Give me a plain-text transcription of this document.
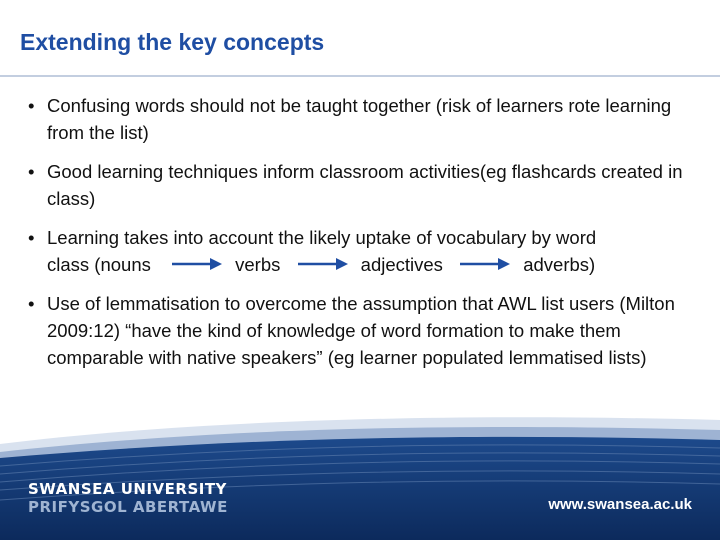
Extending the key concepts
• Confusing words should not be taught together (risk of learners rote learning from the list)
• Good learning techniques inform classroom activities(eg flashcards created in class)
• Learning takes into account the likely uptake of vocabulary by word
class (nouns	verbs	adjectives	adverbs)
• Use of lemmatisation to overcome the assumption that AWL list users (Milton 2009:12) “have the kind of knowledge of word formation to make them comparable with native speakers” (eg learner populated lemmatised lists)
SWANSEA UNIVERSITY
PRIFYSGOL ABERTAWE	www.swansea.ac.uk
